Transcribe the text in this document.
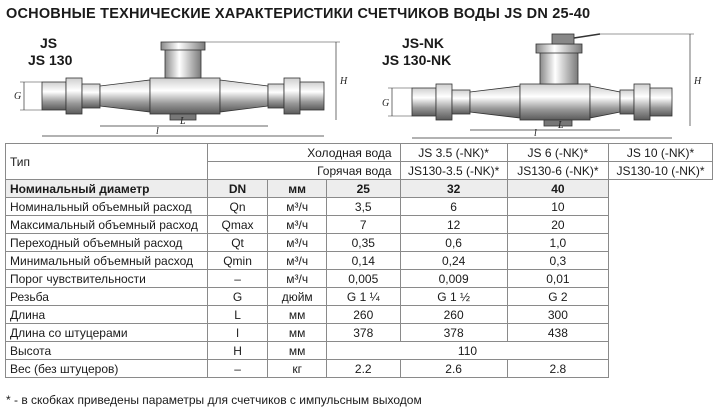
ОСНОВНЫЕ ТЕХНИЧЕСКИЕ ХАРАКТЕРИСТИКИ СЧЕТЧИКОВ ВОДЫ JS DN 25-40
JS
JS 130
JS-NK
JS 130-NK
G
L
l
H
G
L
l
H
Тип	Холодная вода			JS 3.5 (-NK)*	JS 6 (-NK)*	JS 10 (-NK)*
	Горячая вода			JS130-3.5 (-NK)*	JS130-6 (-NK)*	JS130-10 (-NK)*
Номинальный диаметр	DN	мм	25	32	40	
Номинальный объемный расход	Qn	м³/ч	3,5	6	10	
Максимальный объемный расход	Qmax	м³/ч	7	12	20	
Переходный объемный расход	Qt	м³/ч	0,35	0,6	1,0	
Минимальный объемный расход	Qmin	м³/ч	0,14	0,24	0,3	
Порог чувствительности	–	м³/ч	0,005	0,009	0,01	
Резьба	G	дюйм	G 1 ¼	G 1 ½	G 2	
Длина	L	мм	260	260	300	
Длина со штуцерами	l	мм	378	378	438	
Высота	H	мм	110			
Вес (без штуцеров)	–	кг	2.2	2.6	2.8	
* - в скобках приведены параметры для счетчиков с импульсным выходом
